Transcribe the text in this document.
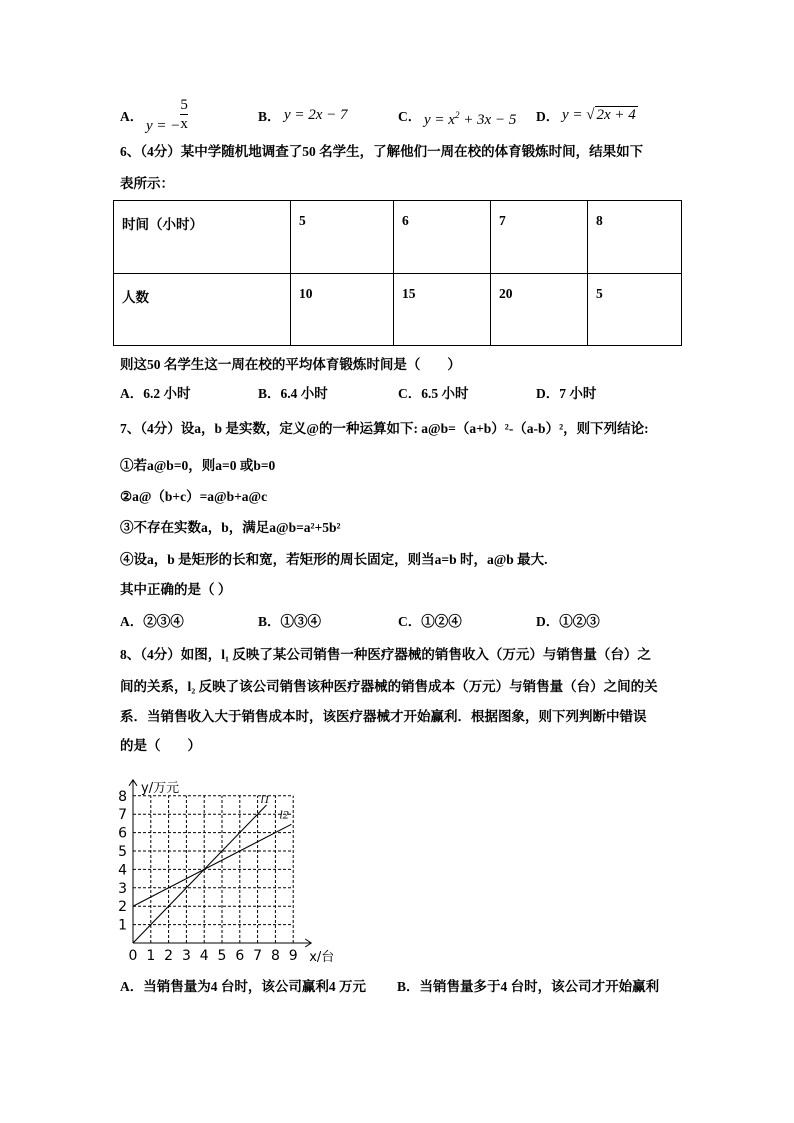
A．
y = − $\frac{5}{x}$	B． y = 2x − 7	C． $y = x^2 + 3x - 5$ D． y = √ 2x + 4
6、（4分）某中学随机地调查了50 名学生，了解他们一周在校的体育锻炼时间，结果如下
表所示：
时间（小时）	5	6	7	8
人数	10	15	20	5
则这50 名学生这一周在校的平均体育锻炼时间是（　　）
A．6.2 小时	B．6.4 小时	C．6.5 小时	D．7 小时
7、（4分）设a，b 是实数，定义@的一种运算如下: a@b=（a+b）²-（a-b）²，则下列结论:
①若a@b=0，则a=0 或b=0
②a@（b+c）=a@b+a@c
③不存在实数a，b，满足a@b=a²+5b²
④设a，b 是矩形的长和宽，若矩形的周长固定，则当a=b 时，a@b 最大.
其中正确的是（ ）
A．②③④	B．①③④	C．①②④	D．①②③
8、（4分）如图，l₁ 反映了某公司销售一种医疗器械的销售收入（万元）与销售量（台）之
间的关系，l₂ 反映了该公司销售该种医疗器械的销售成本（万元）与销售量（台）之间的关
系．当销售收入大于销售成本时，该医疗器械才开始赢利．根据图象，则下列判断中错误
的是（　　）
0 1 2 3 4 5 6 7 8 9
1
2
3
4
5
6
7
8
x/台
y/万元
l1
l2
A．当销售量为4 台时，该公司赢利4 万元 B．当销售量多于4 台时，该公司才开始赢利
